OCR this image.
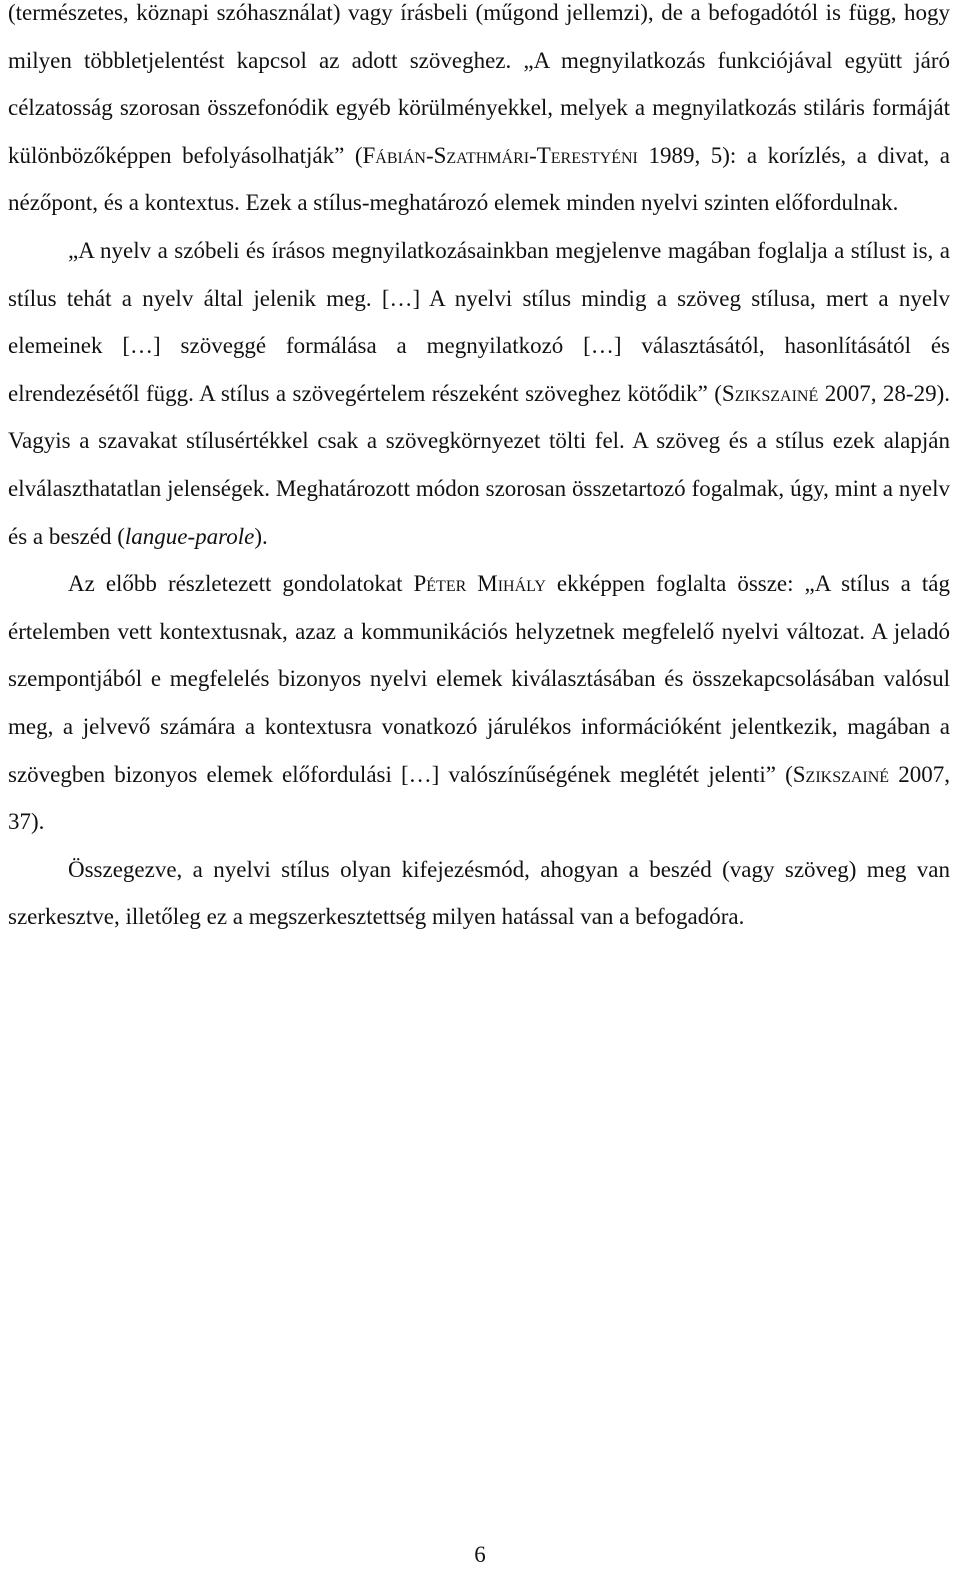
(természetes, köznapi szóhasználat) vagy írásbeli (műgond jellemzi), de a befogadótól is függ, hogy milyen többletjelentést kapcsol az adott szöveghez. „A megnyilatkozás funkciójával együtt járó célzatosság szorosan összefonódik egyéb körülményekkel, melyek a megnyilatkozás stiláris formáját különbözőképpen befolyásolhatják” (Fábián-Szathmári-Terestyéni 1989, 5): a korízlés, a divat, a nézőpont, és a kontextus. Ezek a stílus-meghatározó elemek minden nyelvi szinten előfordulnak.

„A nyelv a szóbeli és írásos megnyilatkozásainkban megjelenve magában foglalja a stílust is, a stílus tehát a nyelv által jelenik meg. […] A nyelvi stílus mindig a szöveg stílusa, mert a nyelv elemeinek […] szöveggé formálása a megnyilatkozó […] választásától, hasonlításától és elrendezésétől függ. A stílus a szövegértelem részeként szöveghez kötődik” (Szikszainé 2007, 28-29). Vagyis a szavakat stílusértékkel csak a szövegkörnyezet tölti fel. A szöveg és a stílus ezek alapján elválaszthatatlan jelenségek. Meghatározott módon szorosan összetartozó fogalmak, úgy, mint a nyelv és a beszéd (langue-parole).

Az előbb részletezett gondolatokat Péter Mihály ekképpen foglalta össze: „A stílus a tág értelemben vett kontextusnak, azaz a kommunikációs helyzetnek megfelelő nyelvi változat. A jeladó szempontjából e megfelelés bizonyos nyelvi elemek kiválasztásában és összekapcsolásában valósul meg, a jelvevő számára a kontextusra vonatkozó járulékos információként jelentkezik, magában a szövegben bizonyos elemek előfordulási […] valószínűségének meglétét jelenti” (Szikszainé 2007, 37).

Összegezve, a nyelvi stílus olyan kifejezésmód, ahogyan a beszéd (vagy szöveg) meg van szerkesztve, illetőleg ez a megszerkesztettség milyen hatással van a befogadóra.

6
